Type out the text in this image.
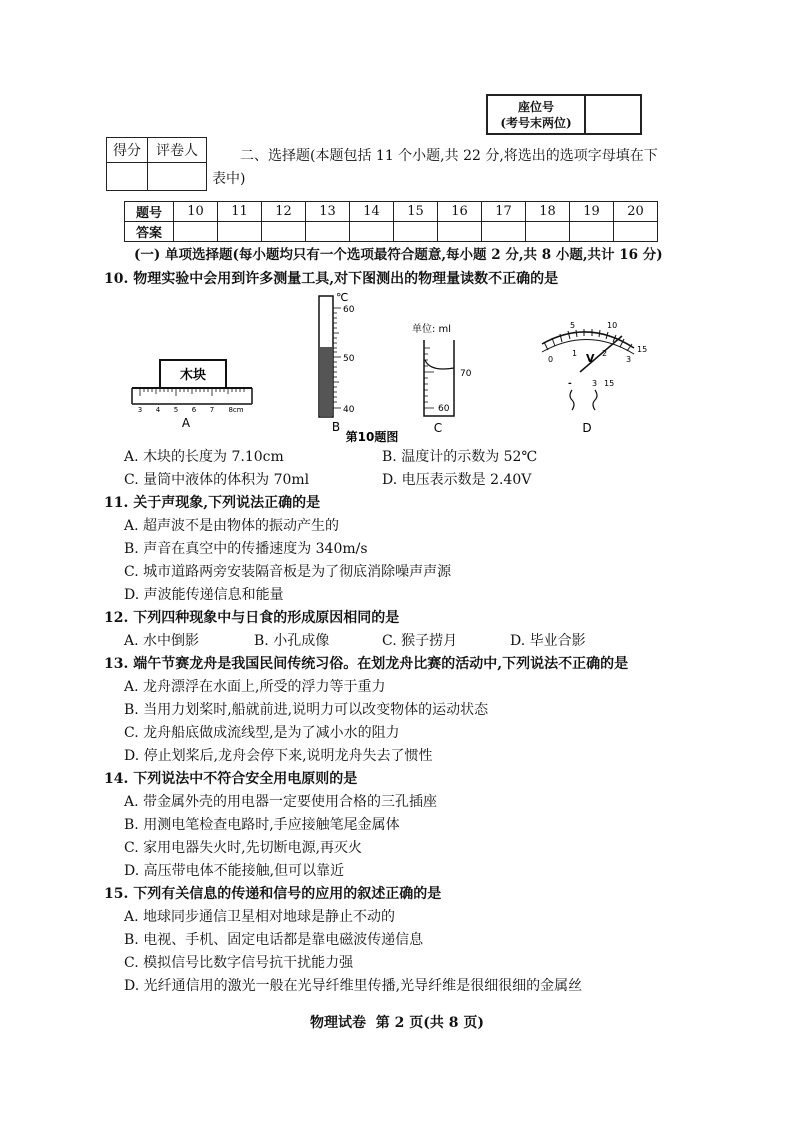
座位号
(考号末两位)

得分	评卷人
		二、选择题(本题包括 11 个小题,共 22 分,将选出的选项字母填在下
表中)
题号	10	11	12	13	14	15	16	17	18	19	20
答案											
(一) 单项选择题(每小题均只有一个选项最符合题意,每小题 2 分,共 8 小题,共计 16 分)
10. 物理实验中会用到许多测量工具,对下图测出的物理量读数不正确的是
木块
3 4 5 6 7 8cm
A
℃
60
50
40
B
单位: ml
70
60
C
第10题图
5	10
0
1 V 2
3
15
-	3 15
D
A. 木块的长度为 7.10cm	B. 温度计的示数为 52℃
C. 量筒中液体的体积为 70ml	D. 电压表示数是 2.40V
11. 关于声现象,下列说法正确的是
A. 超声波不是由物体的振动产生的
B. 声音在真空中的传播速度为 340m/s
C. 城市道路两旁安装隔音板是为了彻底消除噪声声源
D. 声波能传递信息和能量
12. 下列四种现象中与日食的形成原因相同的是
A. 水中倒影	B. 小孔成像	C. 猴子捞月	D. 毕业合影
13. 端午节赛龙舟是我国民间传统习俗。在划龙舟比赛的活动中,下列说法不正确的是
A. 龙舟漂浮在水面上,所受的浮力等于重力
B. 当用力划桨时,船就前进,说明力可以改变物体的运动状态
C. 龙舟船底做成流线型,是为了减小水的阻力
D. 停止划桨后,龙舟会停下来,说明龙舟失去了惯性
14. 下列说法中不符合安全用电原则的是
A. 带金属外壳的用电器一定要使用合格的三孔插座
B. 用测电笔检查电路时,手应接触笔尾金属体
C. 家用电器失火时,先切断电源,再灭火
D. 高压带电体不能接触,但可以靠近
15. 下列有关信息的传递和信号的应用的叙述正确的是
A. 地球同步通信卫星相对地球是静止不动的
B. 电视、手机、固定电话都是靠电磁波传递信息
C. 模拟信号比数字信号抗干扰能力强
D. 光纤通信用的激光一般在光导纤维里传播,光导纤维是很细很细的金属丝
物理试卷  第 2 页(共 8 页)
